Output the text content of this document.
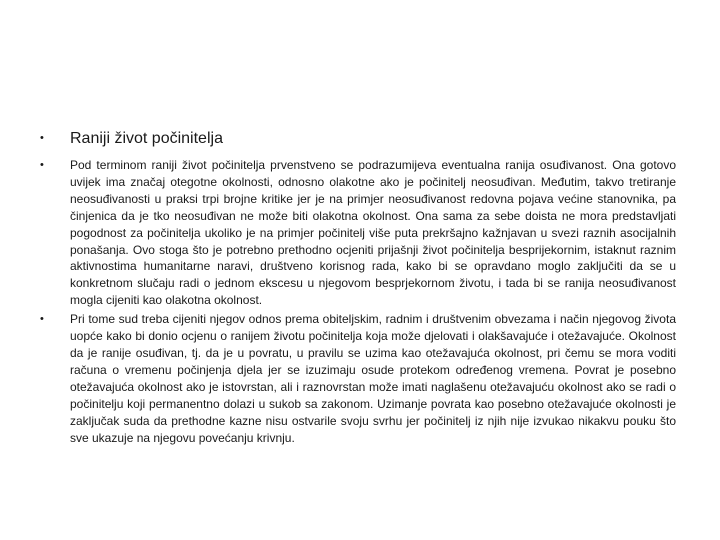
• Raniji život počinitelja
• Pod terminom raniji život počinitelja prvenstveno se podrazumijeva eventualna ranija osuđivanost. Ona gotovo uvijek ima značaj otegotne okolnosti, odnosno olakotne ako je počinitelj neosuđivan. Međutim, takvo tretiranje neosuđivanosti u praksi trpi brojne kritike jer je na primjer neosuđivanost redovna pojava većine stanovnika, pa činjenica da je tko neosuđivan ne može biti olakotna okolnost. Ona sama za sebe doista ne mora predstavljati pogodnost za počinitelja ukoliko je na primjer počinitelj više puta prekršajno kažnjavan u svezi raznih asocijalnih ponašanja. Ovo stoga što je potrebno prethodno ocjeniti prijašnji život počinitelja besprijekornim, istaknut raznim aktivnostima humanitarne naravi, društveno korisnog rada, kako bi se opravdano moglo zaključiti da se u konkretnom slučaju radi o jednom ekscesu u njegovom besprjekornom životu, i tada bi se ranija neosuđivanost mogla cijeniti kao olakotna okolnost.

• Pri tome sud treba cijeniti njegov odnos prema obiteljskim, radnim i društvenim obvezama i način njegovog života uopće kako bi donio ocjenu o ranijem životu počinitelja koja može djelovati i olakšavajuće i otežavajuće. Okolnost da je ranije osuđivan, tj. da je u povratu, u pravilu se uzima kao otežavajuća okolnost, pri čemu se mora voditi računa o vremenu počinjenja djela jer se izuzimaju osude protekom određenog vremena. Povrat je posebno otežavajuća okolnost ako je istovrstan, ali i raznovrstan može imati naglašenu otežavajuću okolnost ako se radi o počinitelju koji permanentno dolazi u sukob sa zakonom. Uzimanje povrata kao posebno otežavajuće okolnosti je zaključak suda da prethodne kazne nisu ostvarile svoju svrhu jer počinitelj iz njih nije izvukao nikakvu pouku što sve ukazuje na njegovu povećanju krivnju.
